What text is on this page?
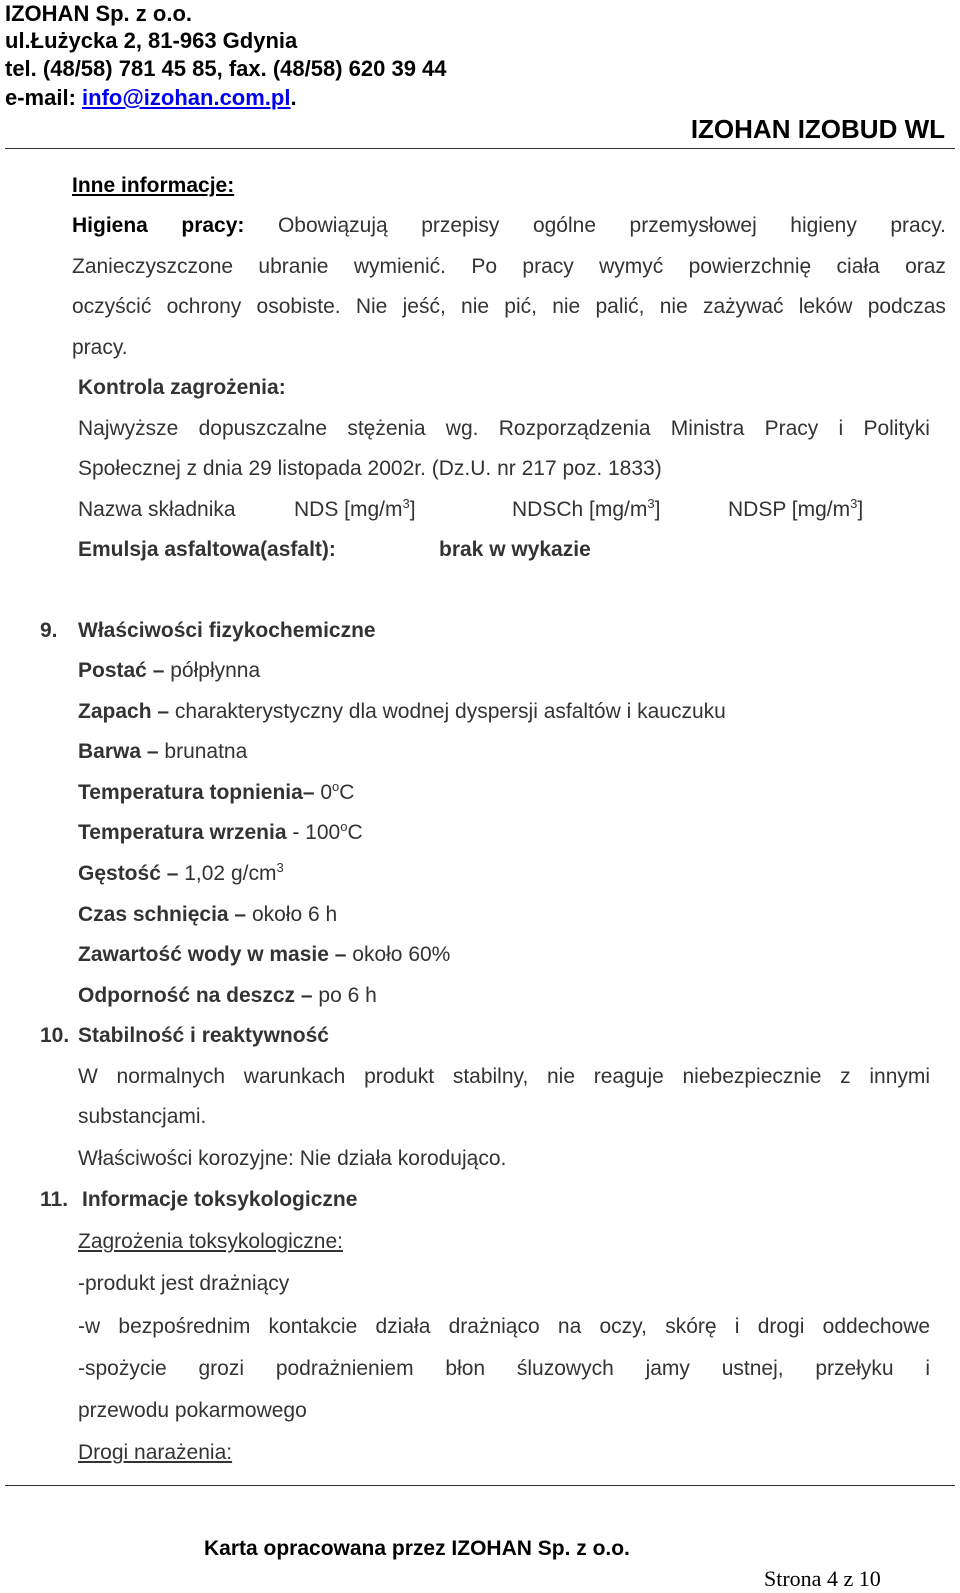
IZOHAN Sp. z o.o.
ul.Łużycka 2, 81-963 Gdynia
tel. (48/58) 781 45 85, fax. (48/58) 620 39 44
e-mail: info@izohan.com.pl.
IZOHAN IZOBUD WL
Inne informacje:
Higiena pracy: Obowiązują przepisy ogólne przemysłowej higieny pracy.
Zanieczyszczone ubranie wymienić. Po pracy wymyć powierzchnię ciała oraz
oczyścić ochrony osobiste. Nie jeść, nie pić, nie palić, nie zażywać leków podczas
pracy.
Kontrola zagrożenia:
Najwyższe dopuszczalne stężenia wg. Rozporządzenia Ministra Pracy i Polityki
Społecznej z dnia 29 listopada 2002r. (Dz.U. nr 217 poz. 1833)
Nazwa składnika	NDS $[mg/m^3]$	NDSCh $[mg/m^3]$	NDSP $[mg/m^3]$
Emulsja asfaltowa(asfalt):	brak w wykazie
9. Właściwości fizykochemiczne
Postać – półpłynna
Zapach – charakterystyczny dla wodnej dyspersji asfaltów i kauczuku
Barwa – brunatna
Temperatura topnienia– 0$^o$C
Temperatura wrzenia - 100$^o$C
Gęstość – 1,02 $g/cm^3$
Czas schnięcia – około 6 h
Zawartość wody w masie – około 60%
Odporność na deszcz – po 6 h
10. Stabilność i reaktywność
W normalnych warunkach produkt stabilny, nie reaguje niebezpiecznie z innymi
substancjami.
Właściwości korozyjne: Nie działa korodująco.
11. Informacje toksykologiczne
Zagrożenia toksykologiczne:
-produkt jest drażniący
-w bezpośrednim kontakcie działa drażniąco na oczy, skórę i drogi oddechowe
-spożycie grozi podrażnieniem błon śluzowych jamy ustnej, przełyku i
przewodu pokarmowego
Drogi narażenia:
Karta opracowana przez IZOHAN Sp. z o.o.
Strona 4 z 10
